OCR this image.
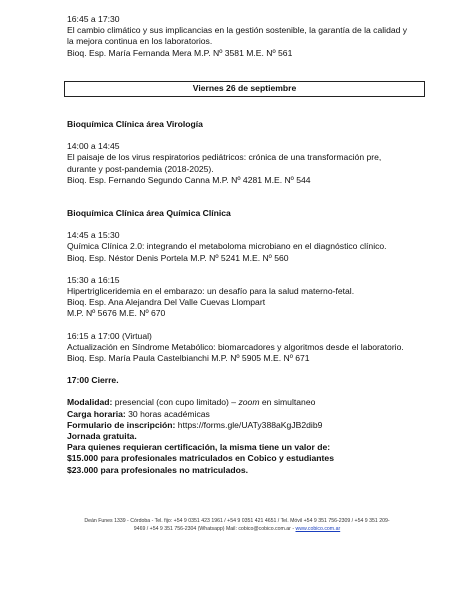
16:45 a 17:30

El cambio climático y sus implicancias en la gestión sostenible, la garantía de la calidad y

la mejora continua en los laboratorios.

Bioq. Esp. María Fernanda Mera M.P. Nº 3581 M.E. Nº 561

Viernes 26 de septiembre

Bioquímica Clínica área Virología

14:00 a 14:45

El paisaje de los virus respiratorios pediátricos: crónica de una transformación pre,

durante y post-pandemia (2018-2025).

Bioq. Esp. Fernando Segundo Canna M.P. Nº 4281 M.E. Nº 544

Bioquímica Clínica área Química Clínica

14:45 a 15:30

Química Clínica 2.0: integrando el metaboloma microbiano en el diagnóstico clínico.

Bioq. Esp. Néstor Denis Portela M.P. Nº 5241 M.E. Nº 560

15:30 a 16:15

Hipertrigliceridemia en el embarazo: un desafío para la salud materno-fetal.

Bioq. Esp. Ana Alejandra Del Valle Cuevas Llompart

M.P. Nº 5676 M.E. Nº 670

16:15 a 17:00 (Virtual)

Actualización en Síndrome Metabólico: biomarcadores y algoritmos desde el laboratorio.

Bioq. Esp. María Paula Castelbianchi M.P. Nº 5905 M.E. Nº 671

17:00 Cierre.

Modalidad: presencial (con cupo limitado) – zoom en simultaneo

Carga horaria: 30 horas académicas

Formulario de inscripción: https://forms.gle/UATy388aKgJB2dib9

Jornada gratuita.

Para quienes requieran certificación, la misma tiene un valor de:

$15.000 para profesionales matriculados en Cobico y estudiantes

$23.000 para profesionales no matriculados.

Deán Funes 1339 - Córdoba - Tel. fijo: +54 9 0351 423 1961 / +54 9 0351 421 4651 / Tel. Móvil +54 9 351 756-2309 / +54 9 351 209-
9469 / +54 9 351 756-2304 (Whatsapp) Mail: cobico@cobico.com.ar - www.cobico.com.ar
